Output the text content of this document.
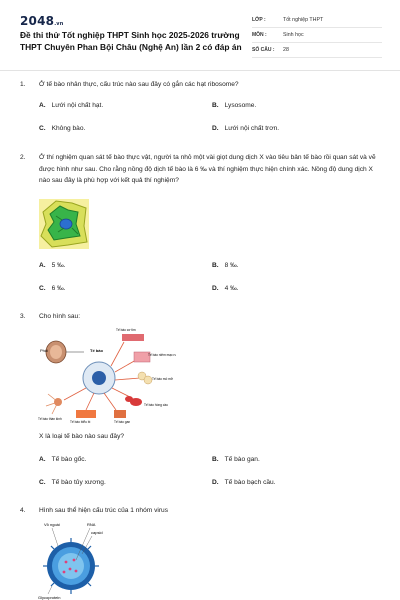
2048.vn
Đề thi thử Tốt nghiệp THPT Sinh học 2025-2026 trường THPT Chuyên Phan Bội Châu (Nghệ An) lần 2 có đáp án
LỚP :	Tốt nghiệp THPT
MÔN :	Sinh học
SỐ CÂU :	28
1. Ở tế bào nhân thực, cấu trúc nào sau đây có gắn các hạt ribosome?
A. Lưới nội chất hạt.	B. Lysosome.
C. Không bào.	D. Lưới nội chất trơn.
2. Ở thí nghiệm quan sát tế bào thực vật, người ta nhỏ một vài giọt dung dịch X vào tiêu bản tế bào rồi quan sát và vẽ được hình như sau. Cho rằng nồng độ dịch tế bào là 6 ‰ và thí nghiệm thực hiện chính xác. Nồng độ dung dịch X nào sau đây là phù hợp với kết quả thí nghiệm?
A. 5 ‰.	B. 8 ‰.
C. 6 ‰.	D. 4 ‰.
3. Cho hình sau:
Phôi	Tế bào
Tế bào cơ tim
Tế bào niêm mạc ruột
Tế bào mô mỡ
Tế bào hồng cầu
Tế bào gan
Tế bào biểu bì
Tế bào thần kinh
X là loại tế bào nào sau đây?
A. Tế bào gốc.	B. Tế bào gan.
C. Tế bào tủy xương.	D. Tế bào bạch cầu.
4. Hình sau thể hiện cấu trúc của 1 nhóm virus
Vỏ ngoài	RNA
capsid
Glycoprotein
